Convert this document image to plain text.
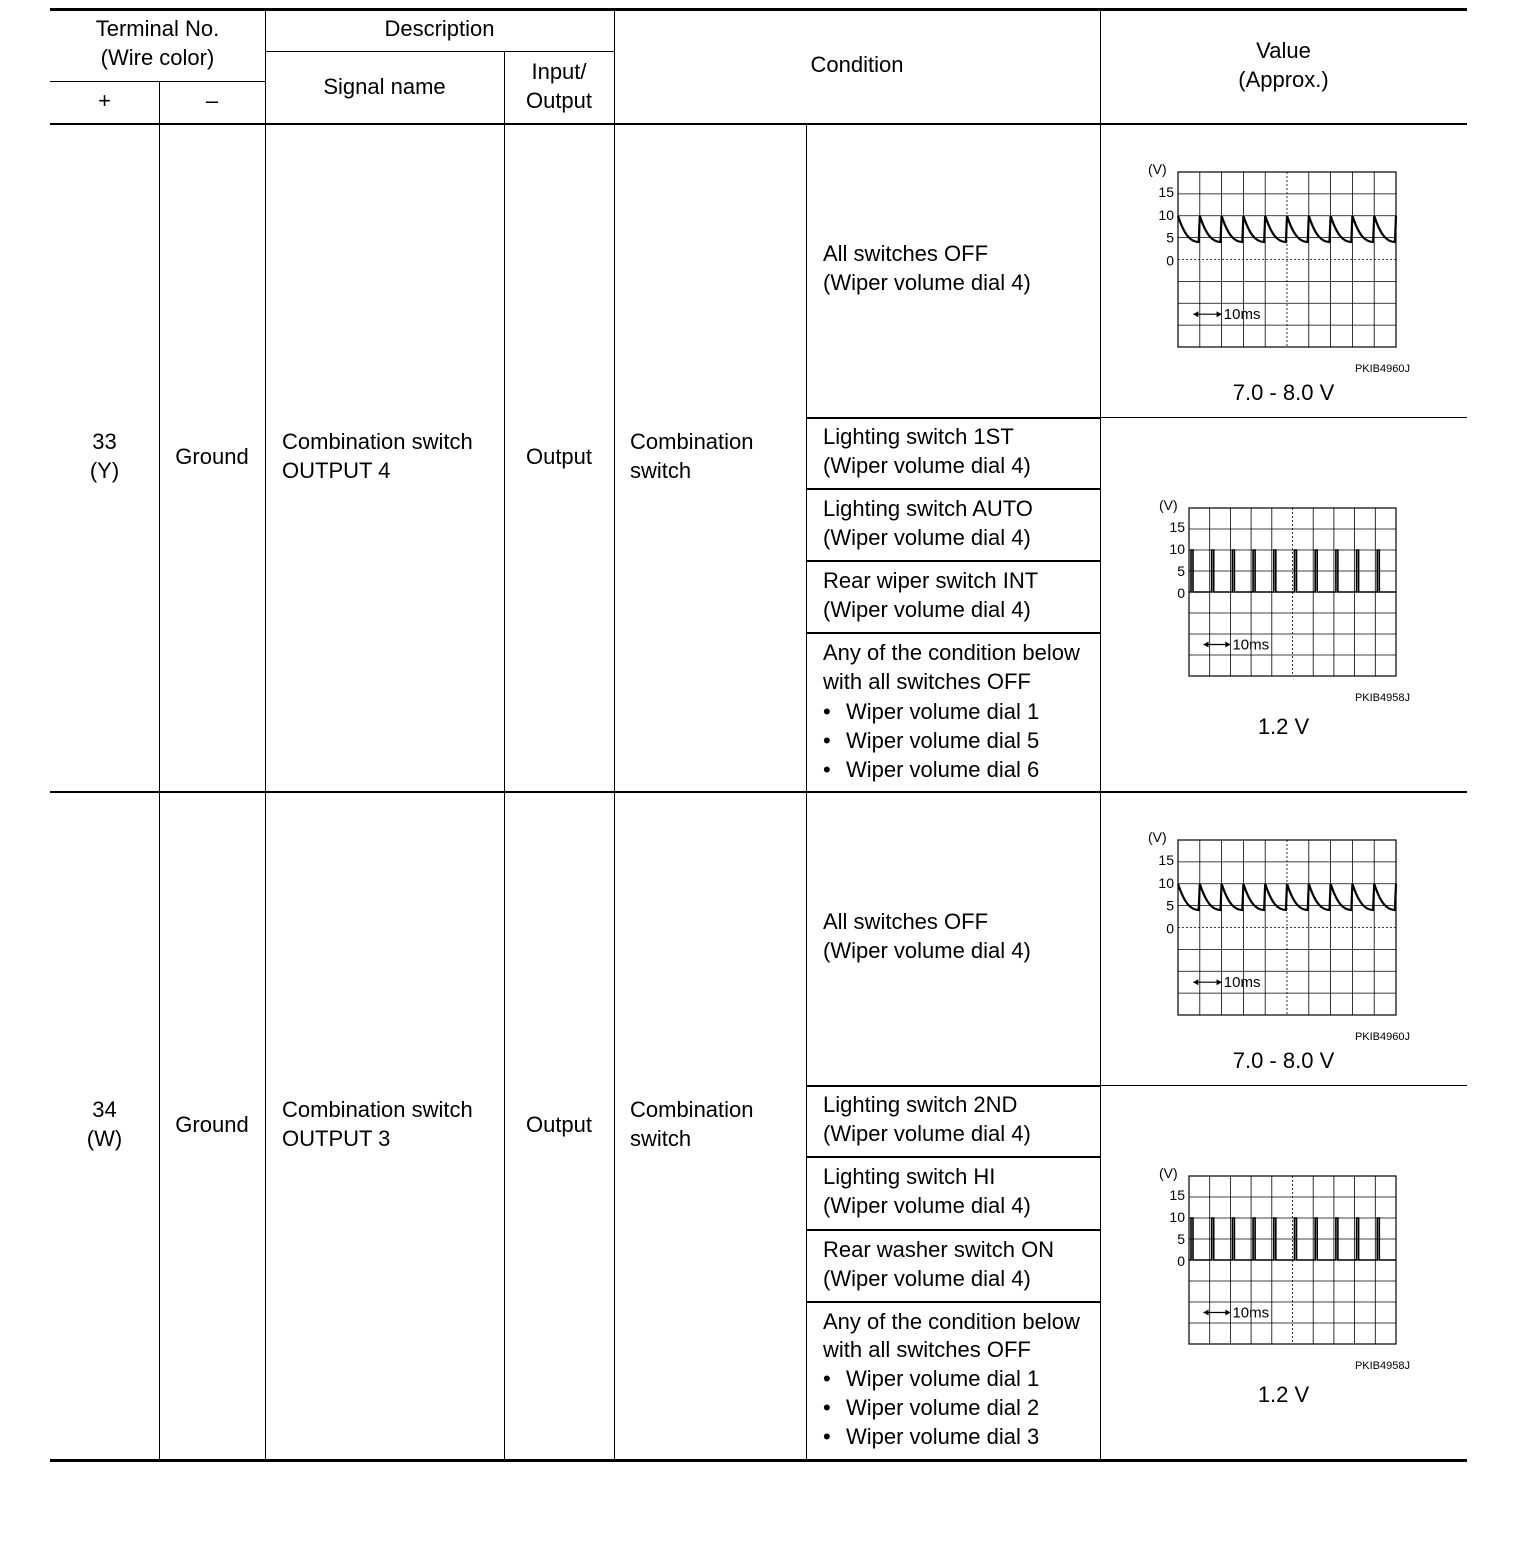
Terminal No.
(Wire color)
+	–
Description
Signal name
Input/
Output
Condition
Value
(Approx.)
33
(Y)
Ground
Combination switch
OUTPUT 4
Output
Combination
switch
All switches OFF
(Wiper volume dial 4)
Lighting switch 1ST
(Wiper volume dial 4)
Lighting switch AUTO
(Wiper volume dial 4)
Rear wiper switch INT
(Wiper volume dial 4)
Any of the condition below
with all switches OFF
• Wiper volume dial 1
• Wiper volume dial 5
• Wiper volume dial 6
(V)
15
10
5
0
10ms
PKIB4960J
7.0 - 8.0 V
(V)
15
10
5
0
10ms
PKIB4958J
1.2 V
34
(W)
Ground
Combination switch
OUTPUT 3
Output
Combination
switch
All switches OFF
(Wiper volume dial 4)
Lighting switch 2ND
(Wiper volume dial 4)
Lighting switch HI
(Wiper volume dial 4)
Rear washer switch ON
(Wiper volume dial 4)
Any of the condition below
with all switches OFF
• Wiper volume dial 1
• Wiper volume dial 2
• Wiper volume dial 3
(V)
15
10
5
0
10ms
PKIB4960J
7.0 - 8.0 V
(V)
15
10
5
0
10ms
PKIB4958J
1.2 V
